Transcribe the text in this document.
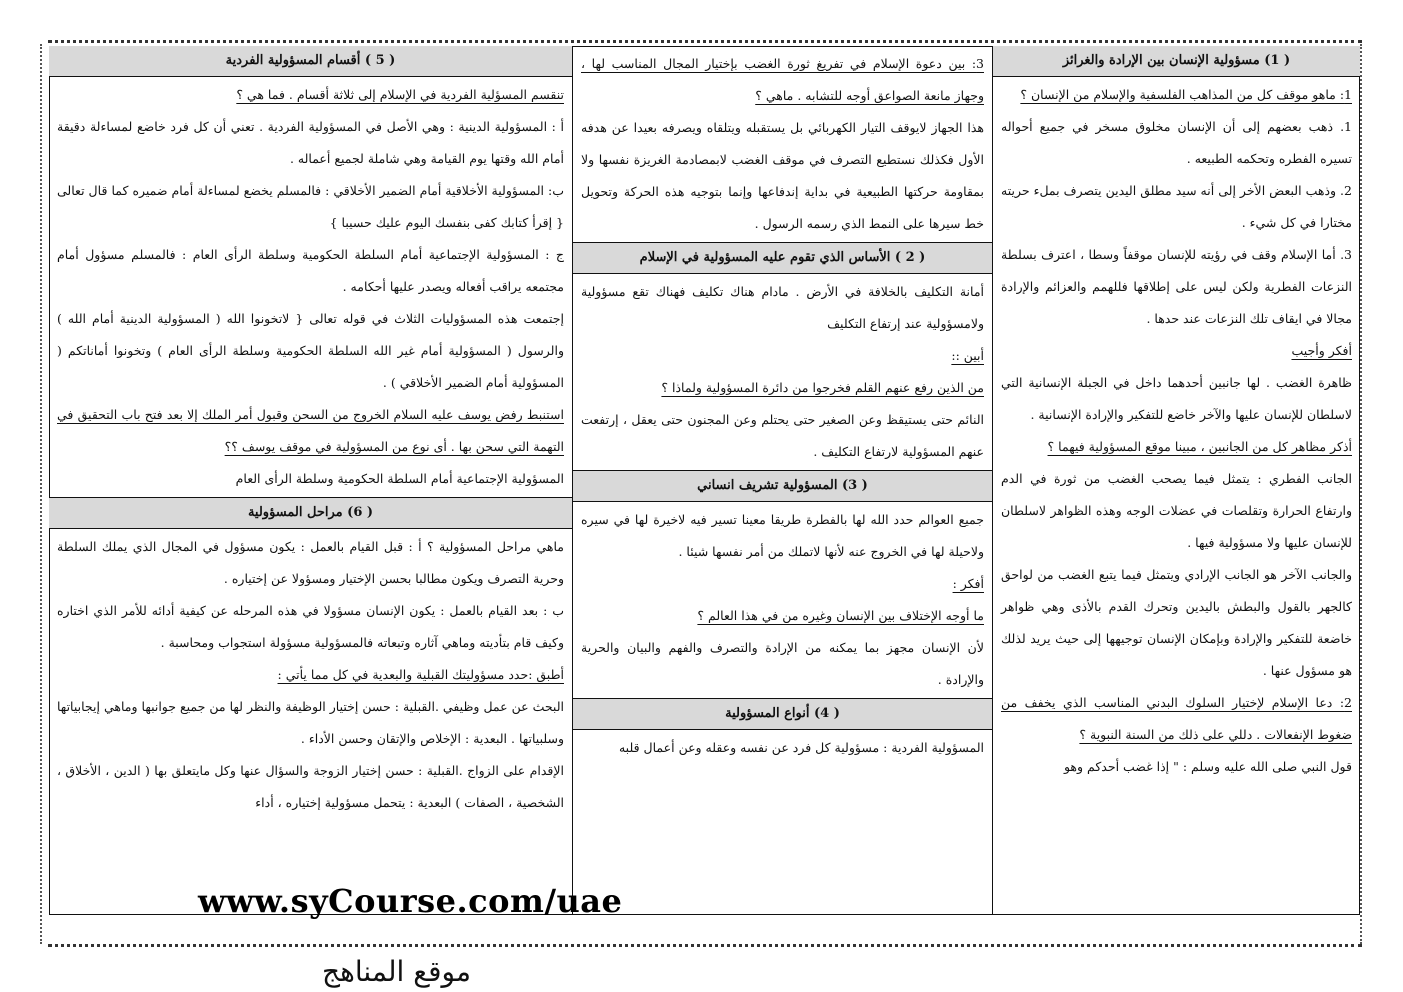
( 1) مسؤولية الإنسان بين الإرادة والغرائز

1: ماهو موقف كل من المذاهب الفلسفية والإسلام من الإنسان ؟

1. ذهب بعضهم إلى أن الإنسان مخلوق مسخر في جميع أحواله تسيره الفطره وتحكمه الطبيعه .

2. وذهب البعض الأخر إلى أنه سيد مطلق اليدين يتصرف بملء حريته مختارا في كل شيء .

3. أما الإسلام وقف في رؤيته للإنسان موقفاً وسطا ، اعترف بسلطة النزعات الفطرية ولكن ليس على إطلاقها فللهمم والعزائم والإرادة مجالا في ايقاف تلك النزعات عند حدها .

أفكر وأجيب

ظاهرة الغضب . لها جانبين أحدهما داخل في الجبلة الإنسانية التي لاسلطان للإنسان عليها والآخر خاضع للتفكير والإرادة الإنسانية .

أذكر مظاهر كل من الجانبين ، مبينا موقع المسؤولية فيهما ؟

الجانب الفطري : يتمثل فيما يصحب الغضب من ثورة في الدم وارتفاع الحرارة وتقلصات في عضلات الوجه وهذه الظواهر لاسلطان للإنسان عليها ولا مسؤولية فيها .

والجانب الآخر هو الجانب الإرادي ويتمثل فيما يتبع الغضب من لواحق كالجهر بالقول والبطش باليدين وتحرك القدم بالأذى وهي ظواهر خاضعة للتفكير والإرادة وبإمكان الإنسان توجيهها إلى حيث يريد لذلك هو مسؤول عنها .

2: دعا الإسلام لإختيار السلوك البدني المناسب الذي يخفف من ضغوط الإنفعالات . دللي على ذلك من السنة النبوية ؟

قول النبي صلى الله عليه وسلم : " إذا غضب أحدكم وهو

3: بين دعوة الإسلام في تفريغ ثورة الغضب بإختيار المجال المناسب لها ، وجهاز مانعة الصواعق أوجه للتشابه . ماهي ؟

هذا الجهاز لايوقف التيار الكهربائي بل يستقبله ويتلقاه ويصرفه بعيدا عن هدفه الأول فكذلك نستطيع التصرف في موقف الغضب لابمصادمة الغريزة نفسها ولا بمقاومة حركتها الطبيعية في بداية إندفاعها وإنما بتوجيه هذه الحركة وتحويل خط سيرها على النمط الذي رسمه الرسول .

( 2 ) الأساس الذي تقوم عليه المسؤولية في الإسلام

أمانة التكليف بالخلافة في الأرض . مادام هناك تكليف فهناك تقع مسؤولية ولامسؤولية عند إرتفاع التكليف

أبين ::

من الذين رفع عنهم القلم فخرجوا من دائرة المسؤولية ولماذا ؟

النائم حتى يستيقظ وعن الصغير حتى يحتلم وعن المجنون حتى يعقل ، إرتفعت عنهم المسؤولية لارتفاع التكليف .

( 3) المسؤولية تشريف انساني

جميع العوالم حدد الله لها بالفطرة طريقا معينا تسير فيه لاخيرة لها في سيره ولاحيلة لها في الخروج عنه لأنها لاتملك من أمر نفسها شيئا .

أفكر :

ما أوجه الإختلاف بين الإنسان وغيره من في هذا العالم ؟

لأن الإنسان مجهز بما يمكنه من الإرادة والتصرف والفهم والبيان والحرية والإرادة .

( 4) أنواع المسؤولية

المسؤولية الفردية : مسؤولية كل فرد عن نفسه وعقله وعن أعمال قلبه

( 5 ) أقسام المسؤولية الفردية

تنقسم المسؤلية الفردية في الإسلام إلى ثلاثة أقسام . فما هي ؟

أ : المسؤولية الدينية : وهي الأصل في المسؤولية الفردية . تعني أن كل فرد خاضع لمساءلة دقيقة أمام الله وقتها يوم القيامة وهي شاملة لجميع أعماله .

ب: المسؤولية الأخلاقية أمام الضمير الأخلاقي : فالمسلم يخضع لمساءلة أمام ضميره كما قال تعالى { إقرأ كتابك كفى بنفسك اليوم عليك حسيبا }

ج : المسؤولية الإجتماعية أمام السلطة الحكومية وسلطة الرأى العام : فالمسلم مسؤول أمام مجتمعه يراقب أفعاله ويصدر عليها أحكامه .

إجتمعت هذه المسؤوليات الثلاث في قوله تعالى { لاتخونوا الله ( المسؤولية الدينية أمام الله ) والرسول ( المسؤولية أمام غير الله السلطة الحكومية وسلطة الرأى العام ) وتخونوا أماناتكم ( المسؤولية أمام الضمير الأخلاقي ) .

استنبط رفض يوسف عليه السلام الخروج من السحن وقبول أمر الملك إلا بعد فتح باب التحقيق في التهمة التي سحن بها . أى نوع من المسؤولية في موقف يوسف ؟؟

المسؤولية الإجتماعية أمام السلطة الحكومية وسلطة الرأى العام

( 6) مراحل المسؤولية

ماهي مراحل المسؤولية ؟ أ : قبل القيام بالعمل : يكون مسؤول في المجال الذي يملك السلطة وحرية التصرف ويكون مطالبا بحسن الإختيار ومسؤولا عن إختياره .

ب : بعد القيام بالعمل : يكون الإنسان مسؤولا في هذه المرحله عن كيفية أدائه للأمر الذي اختاره وكيف قام بتأديته وماهي آثاره وتبعاته فالمسؤولية مسؤولة استجواب ومحاسبة .

أطبق :حدد مسؤوليتك القبلية والبعدية في كل مما يأتي :

البحث عن عمل وظيفي .القبلية : حسن إختيار الوظيفة والنظر لها من جميع جوانبها وماهي إيجابياتها وسلبياتها . البعدية : الإخلاص والإتقان وحسن الأداء .

الإقدام على الزواج .القبلية : حسن إختيار الزوجة والسؤال عنها وكل مايتعلق بها ( الدين ، الأخلاق ، الشخصية ، الصفات ) البعدية : يتحمل مسؤولية إختياره ، أداء

www.syCourse.com/uae
موقع المناهج
